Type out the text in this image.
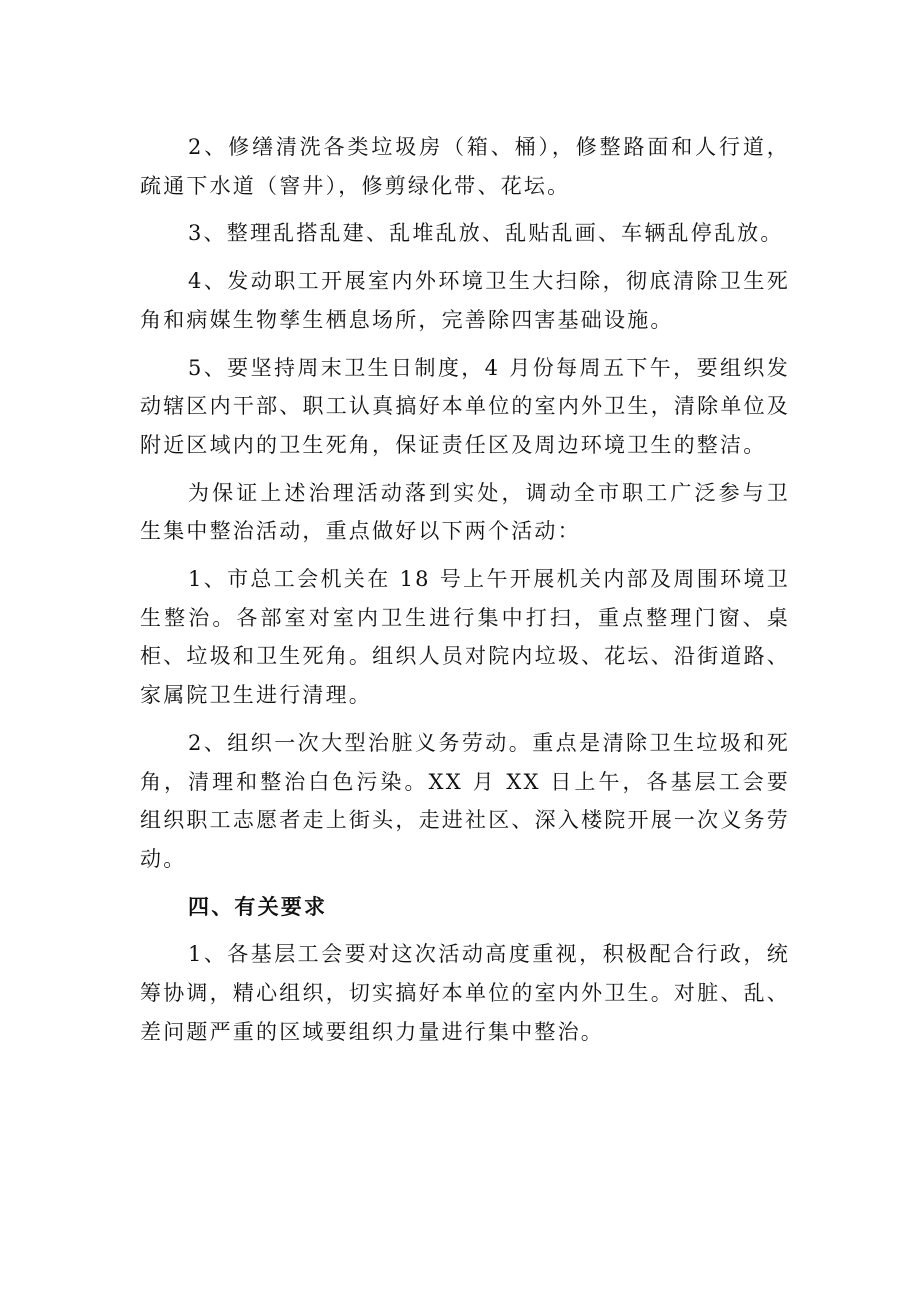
2、修缮清洗各类垃圾房（箱、桶），修整路面和人行道，疏通下水道（窨井），修剪绿化带、花坛。

3、整理乱搭乱建、乱堆乱放、乱贴乱画、车辆乱停乱放。

4、发动职工开展室内外环境卫生大扫除，彻底清除卫生死角和病媒生物孳生栖息场所，完善除四害基础设施。

5、要坚持周末卫生日制度，4 月份每周五下午，要组织发动辖区内干部、职工认真搞好本单位的室内外卫生，清除单位及附近区域内的卫生死角，保证责任区及周边环境卫生的整洁。

为保证上述治理活动落到实处，调动全市职工广泛参与卫生集中整治活动，重点做好以下两个活动：

1、市总工会机关在 18 号上午开展机关内部及周围环境卫生整治。各部室对室内卫生进行集中打扫，重点整理门窗、桌柜、垃圾和卫生死角。组织人员对院内垃圾、花坛、沿街道路、家属院卫生进行清理。

2、组织一次大型治脏义务劳动。重点是清除卫生垃圾和死角，清理和整治白色污染。XX 月 XX 日上午，各基层工会要组织职工志愿者走上街头，走进社区、深入楼院开展一次义务劳动。

四、有关要求

1、各基层工会要对这次活动高度重视，积极配合行政，统筹协调，精心组织，切实搞好本单位的室内外卫生。对脏、乱、差问题严重的区域要组织力量进行集中整治。
